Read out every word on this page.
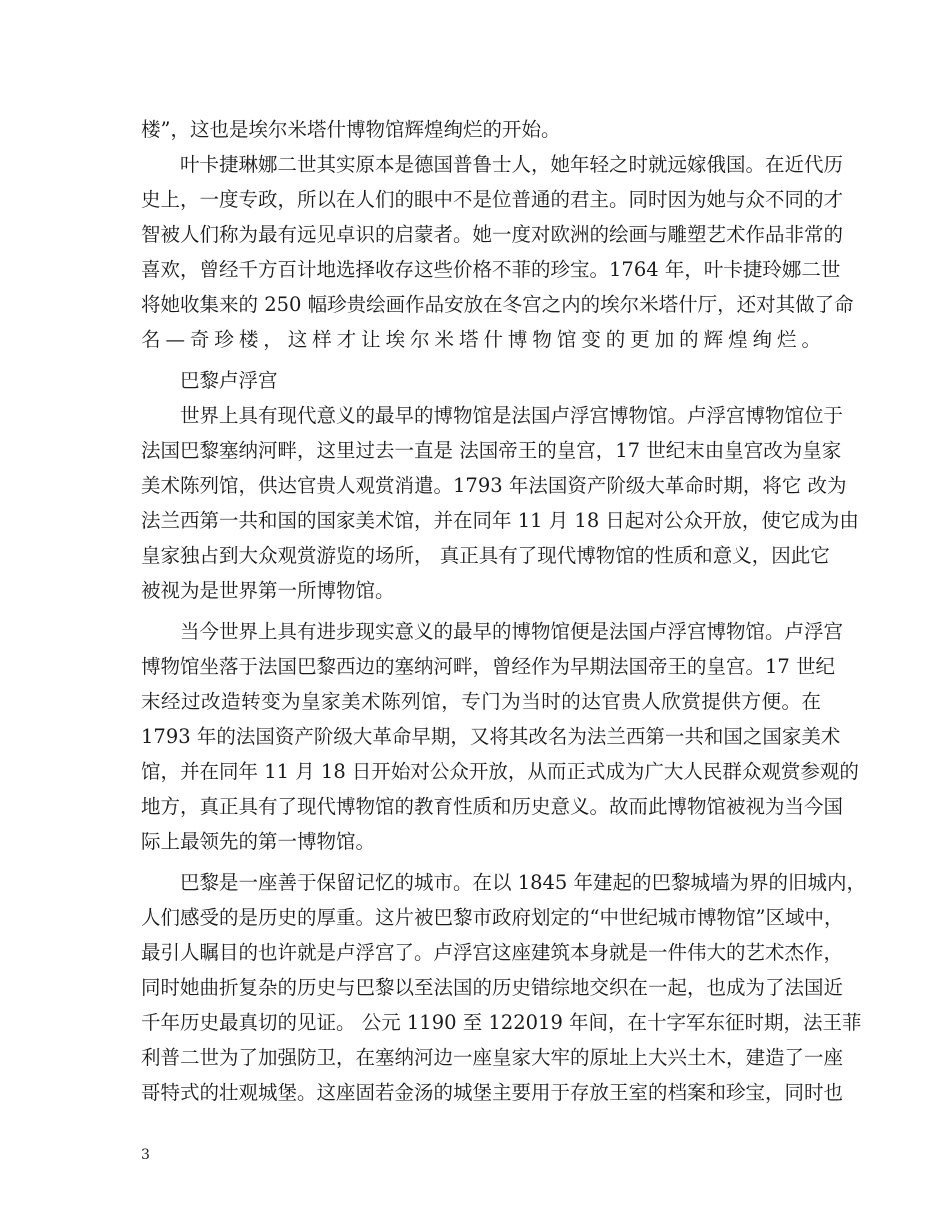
楼”，这也是埃尔米塔什博物馆辉煌绚烂的开始。
　　叶卡捷琳娜二世其实原本是德国普鲁士人，她年轻之时就远嫁俄国。在近代历
史上，一度专政，所以在人们的眼中不是位普通的君主。同时因为她与众不同的才
智被人们称为最有远见卓识的启蒙者。她一度对欧洲的绘画与雕塑艺术作品非常的
喜欢，曾经千方百计地选择收存这些价格不菲的珍宝。1764 年，叶卡捷玲娜二世
将她收集来的 250 幅珍贵绘画作品安放在冬宫之内的埃尔米塔什厅，还对其做了命
名—奇珍楼，这样才让埃尔米塔什博物馆变的更加的辉煌绚烂。
　　巴黎卢浮宫
　　世界上具有现代意义的最早的博物馆是法国卢浮宫博物馆。卢浮宫博物馆位于
法国巴黎塞纳河畔，这里过去一直是 法国帝王的皇宫，17 世纪末由皇宫改为皇家
美术陈列馆，供达官贵人观赏消遣。1793 年法国资产阶级大革命时期，将它 改为
法兰西第一共和国的国家美术馆，并在同年 11 月 18 日起对公众开放，使它成为由
皇家独占到大众观赏游览的场所， 真正具有了现代博物馆的性质和意义，因此它
被视为是世界第一所博物馆。
　　当今世界上具有进步现实意义的最早的博物馆便是法国卢浮宫博物馆。卢浮宫
博物馆坐落于法国巴黎西边的塞纳河畔，曾经作为早期法国帝王的皇宫。17 世纪
末经过改造转变为皇家美术陈列馆，专门为当时的达官贵人欣赏提供方便。在
1793 年的法国资产阶级大革命早期，又将其改名为法兰西第一共和国之国家美术
馆，并在同年 11 月 18 日开始对公众开放，从而正式成为广大人民群众观赏参观的
地方，真正具有了现代博物馆的教育性质和历史意义。故而此博物馆被视为当今国
际上最领先的第一博物馆。
　　巴黎是一座善于保留记忆的城市。在以 1845 年建起的巴黎城墙为界的旧城内，
人们感受的是历史的厚重。这片被巴黎市政府划定的“中世纪城市博物馆”区域中，
最引人瞩目的也许就是卢浮宫了。卢浮宫这座建筑本身就是一件伟大的艺术杰作，
同时她曲折复杂的历史与巴黎以至法国的历史错综地交织在一起，也成为了法国近
千年历史最真切的见证。 公元 1190 至 122019 年间，在十字军东征时期，法王菲
利普二世为了加强防卫，在塞纳河边一座皇家大牢的原址上大兴土木，建造了一座
哥特式的壮观城堡。这座固若金汤的城堡主要用于存放王室的档案和珍宝，同时也
3
